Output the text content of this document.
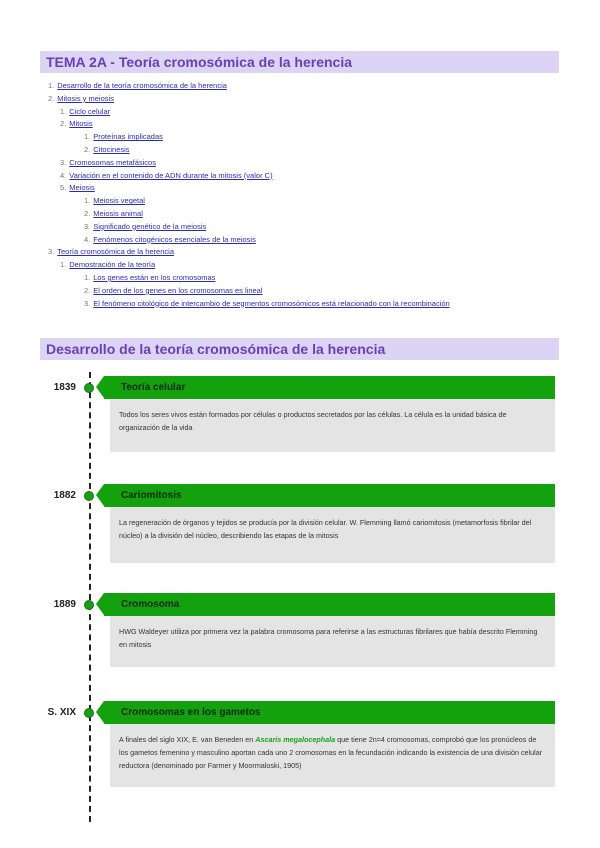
TEMA 2A - Teoría cromosómica de la herencia
1. Desarrollo de la teoría cromosómica de la herencia
2. Mitosis y meiosis
1. Ciclo celular
2. Mitosis
1. Proteínas implicadas
2. Citocinesis
3. Cromosomas metafásicos
4. Variación en el contenido de ADN durante la mitosis (valor C)
5. Meiosis
1. Meiosis vegetal
2. Meiosis animal
3. Significado genético de la meiosis
4. Fenómenos citogénicos esenciales de la meiosis
3. Teoría cromosómica de la herencia
1. Demostración de la teoría
1. Los genes están en los cromosomas
2. El orden de los genes en los cromosomas es lineal
3. El fenómeno citológico de intercambio de segmentos cromosómicos está relacionado con la recombinación
Desarrollo de la teoría cromosómica de la herencia
1839	Teoría celular
Todos los seres vivos están formados por células o productos secretados por las células. La célula es la unidad básica de organización de la vida
1882	Cariomitosis
La regeneración de órganos y tejidos se producía por la división celular. W. Flemming llamó cariomitosis (metamorfosis fibrilar del núcleo) a la división del núcleo, describiendo las etapas de la mitosis
1889	Cromosoma
HWG Waldeyer utiliza por primera vez la palabra cromosoma para referirse a las estructuras fibrilares que había descrito Flemming en mitosis
S. XIX	Cromosomas en los gametos
A finales del siglo XIX, E. van Beneden en Ascaris megalocephala que tiene 2n=4 cromosomas, comprobó que los pronúcleos de los gametos femenino y masculino aportan cada uno 2 cromosomas en la fecundación indicando la existencia de una división celular reductora (denominado por Farmer y Moormaloski, 1905)
